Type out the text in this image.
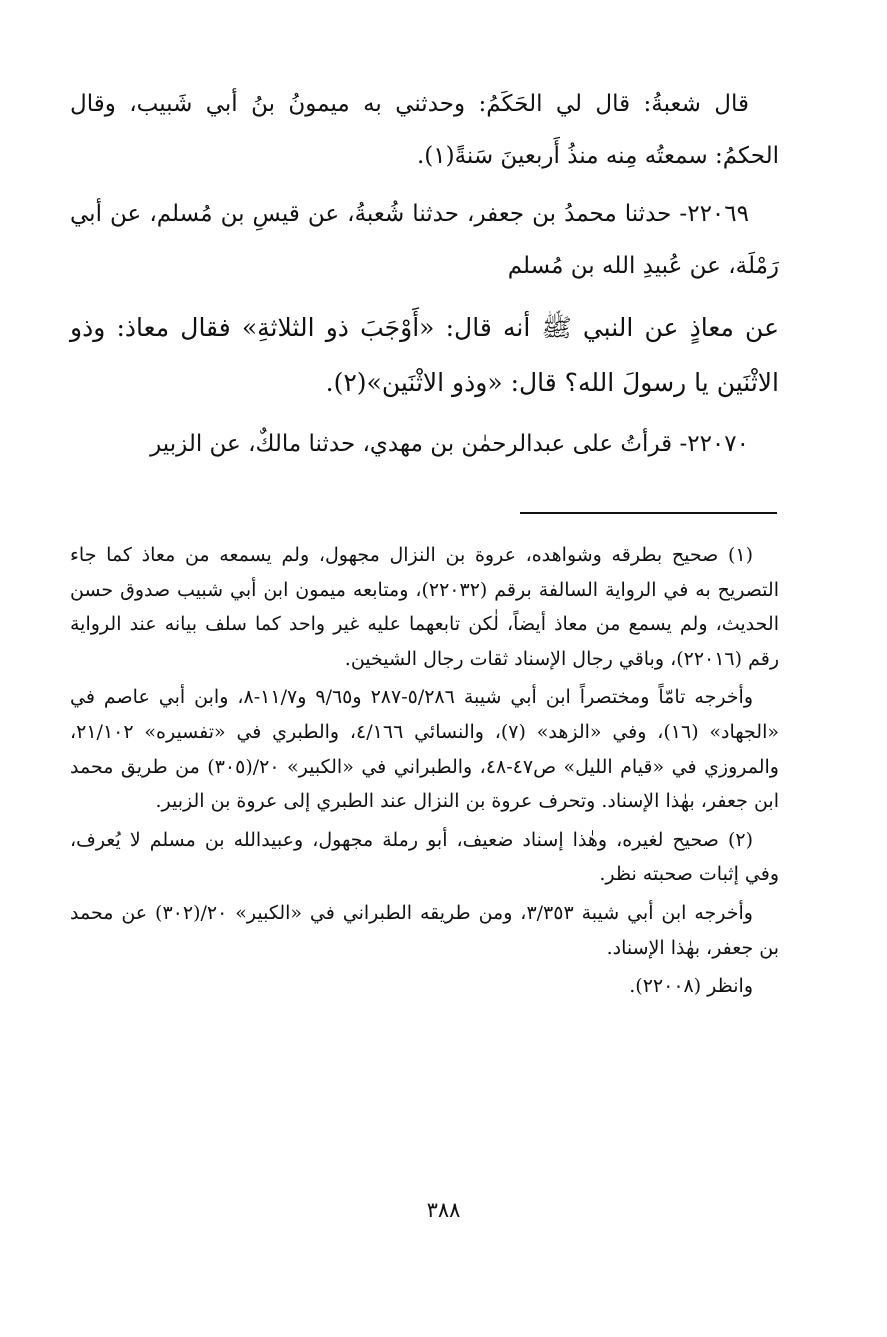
قال شعبةُ: قال لي الحَكَمُ: وحدثني به ميمونُ بنُ أبي شَبيب، وقال الحكمُ: سمعتُه مِنه منذُ أَربعينَ سَنةً(١).

٢٢٠٦٩- حدثنا محمدُ بن جعفر، حدثنا شُعبةُ، عن قيسِ بن مُسلم، عن أبي رَمْلَة، عن عُبيدِ الله بن مُسلم

عن معاذٍ عن النبي ﷺ أنه قال: «أَوْجَبَ ذو الثلاثةِ» فقال معاذ: وذو الاثْنَين يا رسولَ الله؟ قال: «وذو الاثْنَين»(٢).

٢٢٠٧٠- قرأتُ على عبدالرحمٰن بن مهدي، حدثنا مالكٌ، عن الزبير

(١) صحيح بطرقه وشواهده، عروة بن النزال مجهول، ولم يسمعه من معاذ كما جاء التصريح به في الرواية السالفة برقم (٢٢٠٣٢)، ومتابعه ميمون ابن أبي شبيب صدوق حسن الحديث، ولم يسمع من معاذ أيضاً، لٰكن تابعهما عليه غير واحد كما سلف بيانه عند الرواية رقم (٢٢٠١٦)، وباقي رجال الإسناد ثقات رجال الشيخين.

وأخرجه تامّاً ومختصراً ابن أبي شيبة ٥/٢٨٦-٢٨٧ و٩/٦٥ و١١/٧-٨، وابن أبي عاصم في «الجهاد» (١٦)، وفي «الزهد» (٧)، والنسائي ٤/١٦٦، والطبري في «تفسيره» ٢١/١٠٢، والمروزي في «قيام الليل» ص٤٧-٤٨، والطبراني في «الكبير» ٢٠/(٣٠٥) من طريق محمد ابن جعفر، بهٰذا الإسناد. وتحرف عروة بن النزال عند الطبري إلى عروة بن الزبير.

(٢) صحيح لغيره، وهٰذا إسناد ضعيف، أبو رملة مجهول، وعبيدالله بن مسلم لا يُعرف، وفي إثبات صحبته نظر.

وأخرجه ابن أبي شيبة ٣/٣٥٣، ومن طريقه الطبراني في «الكبير» ٢٠/(٣٠٢) عن محمد بن جعفر، بهٰذا الإسناد.

وانظر (٢٢٠٠٨).

٣٨٨
